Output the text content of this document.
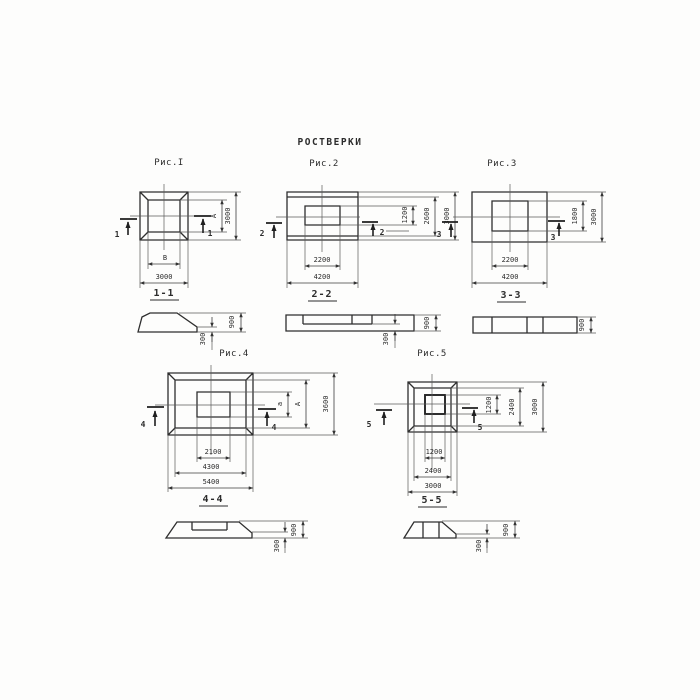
РОСТВЕРКИ
Рис.I
А 3000
В
3000
1	1
1-1
900
300
Рис.2
1200 2600 3000
2200
4200
2	2
2-2
900
300
Рис.3
1800 3000
2200
4200
3	3
3-3
900
Рис.4
а А	3600
2100
4300
5400
4	4
4-4
900
300
Рис.5
1200 2400 3000
1200
2400
3000
5	5
5-5
900
300
